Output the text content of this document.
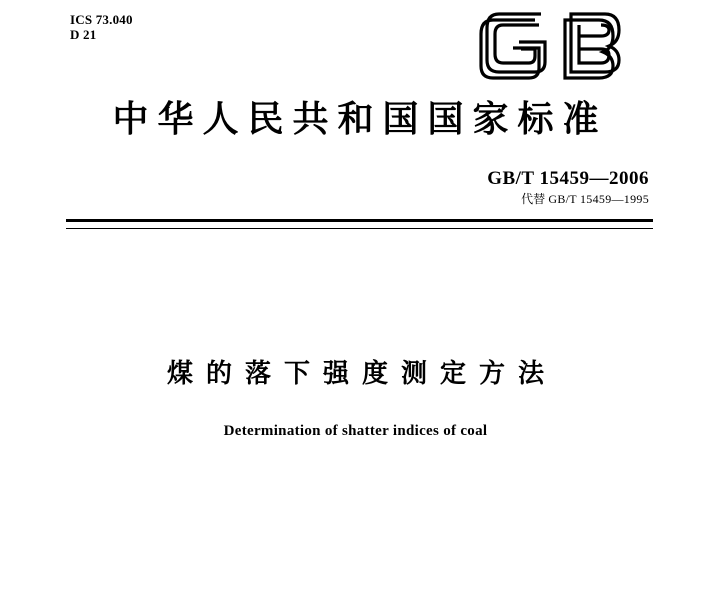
ICS 73.040
D 21
中华人民共和国国家标准
GB/T 15459—2006
代替 GB/T 15459—1995
煤的落下强度测定方法
Determination of shatter indices of coal
